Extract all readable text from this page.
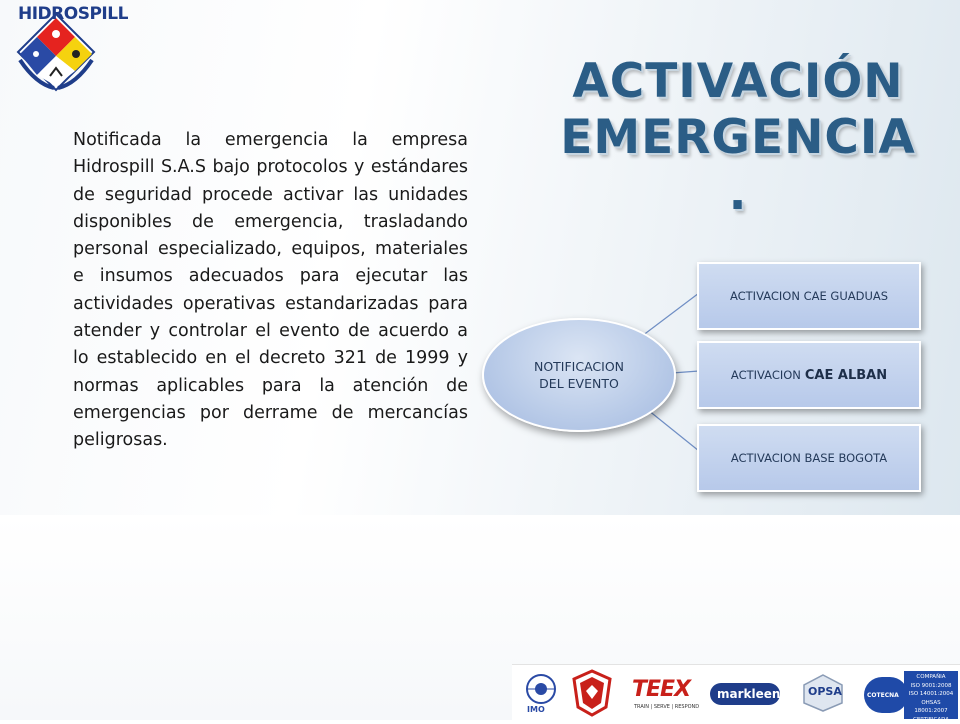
HIDROSPILL
ACTIVACIÓN
EMERGENCIA .
Notificada la emergencia la empresa Hidrospill S.A.S bajo protocolos y estándares de seguridad procede activar las unidades disponibles de emergencia, trasladando personal especializado, equipos, materiales e insumos adecuados para ejecutar las actividades operativas estandarizadas para atender y controlar el evento de acuerdo a lo establecido en el decreto 321 de 1999 y normas aplicables para la atención de emergencias por derrame de mercancías peligrosas.
NOTIFICACION
DEL EVENTO
ACTIVACION CAE GUADUAS
ACTIVACION CAE ALBAN
ACTIVACION BASE BOGOTA
IMO
TEEX
TRAIN | SERVE | RESPOND
markleen	OPSA	COTECNA
COMPAÑIA
ISO 9001:2008
ISO 14001:2004
OHSAS 18001:2007
CERTIFICADA
